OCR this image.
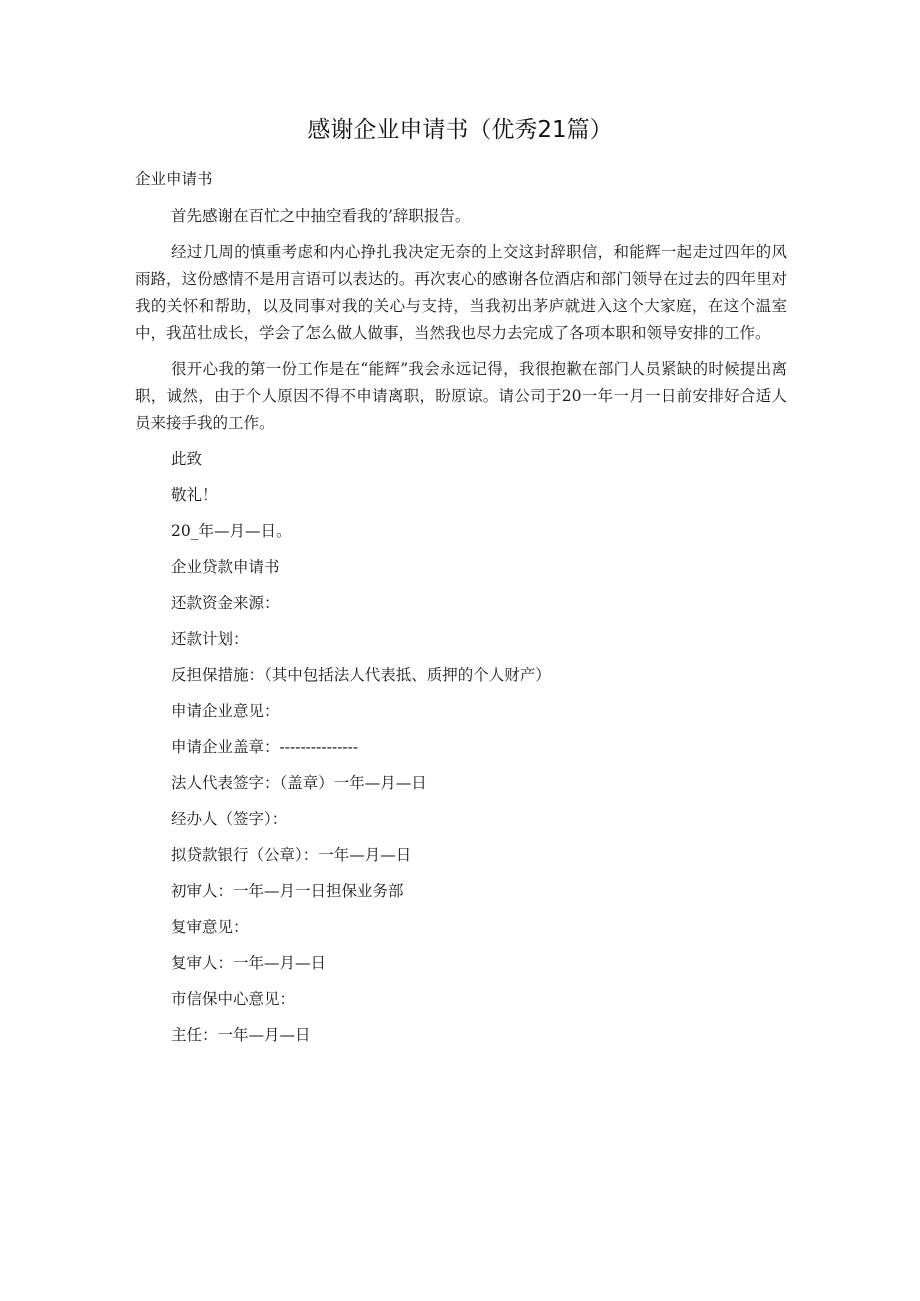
感谢企业申请书（优秀21篇）

企业申请书

首先感谢在百忙之中抽空看我的’辞职报告。

经过几周的慎重考虑和内心挣扎我决定无奈的上交这封辞职信，和能辉一起走过四年的风雨路，这份感情不是用言语可以表达的。再次衷心的感谢各位酒店和部门领导在过去的四年里对我的关怀和帮助，以及同事对我的关心与支持，当我初出茅庐就进入这个大家庭，在这个温室中，我茁壮成长，学会了怎么做人做事，当然我也尽力去完成了各项本职和领导安排的工作。

很开心我的第一份工作是在“能辉”我会永远记得，我很抱歉在部门人员紧缺的时候提出离职，诚然，由于个人原因不得不申请离职，盼原谅。请公司于20一年一月一日前安排好合适人员来接手我的工作。

此致

敬礼！

20_年—月—日。

企业贷款申请书

还款资金来源：

还款计划：

反担保措施：（其中包括法人代表抵、质押的个人财产）

申请企业意见：

申请企业盖章：---------------

法人代表签字：（盖章）一年—月—日

经办人（签字）：

拟贷款银行（公章）：一年—月—日

初审人：一年—月一日担保业务部

复审意见：

复审人：一年—月—日

市信保中心意见：

主任：一年—月—日
